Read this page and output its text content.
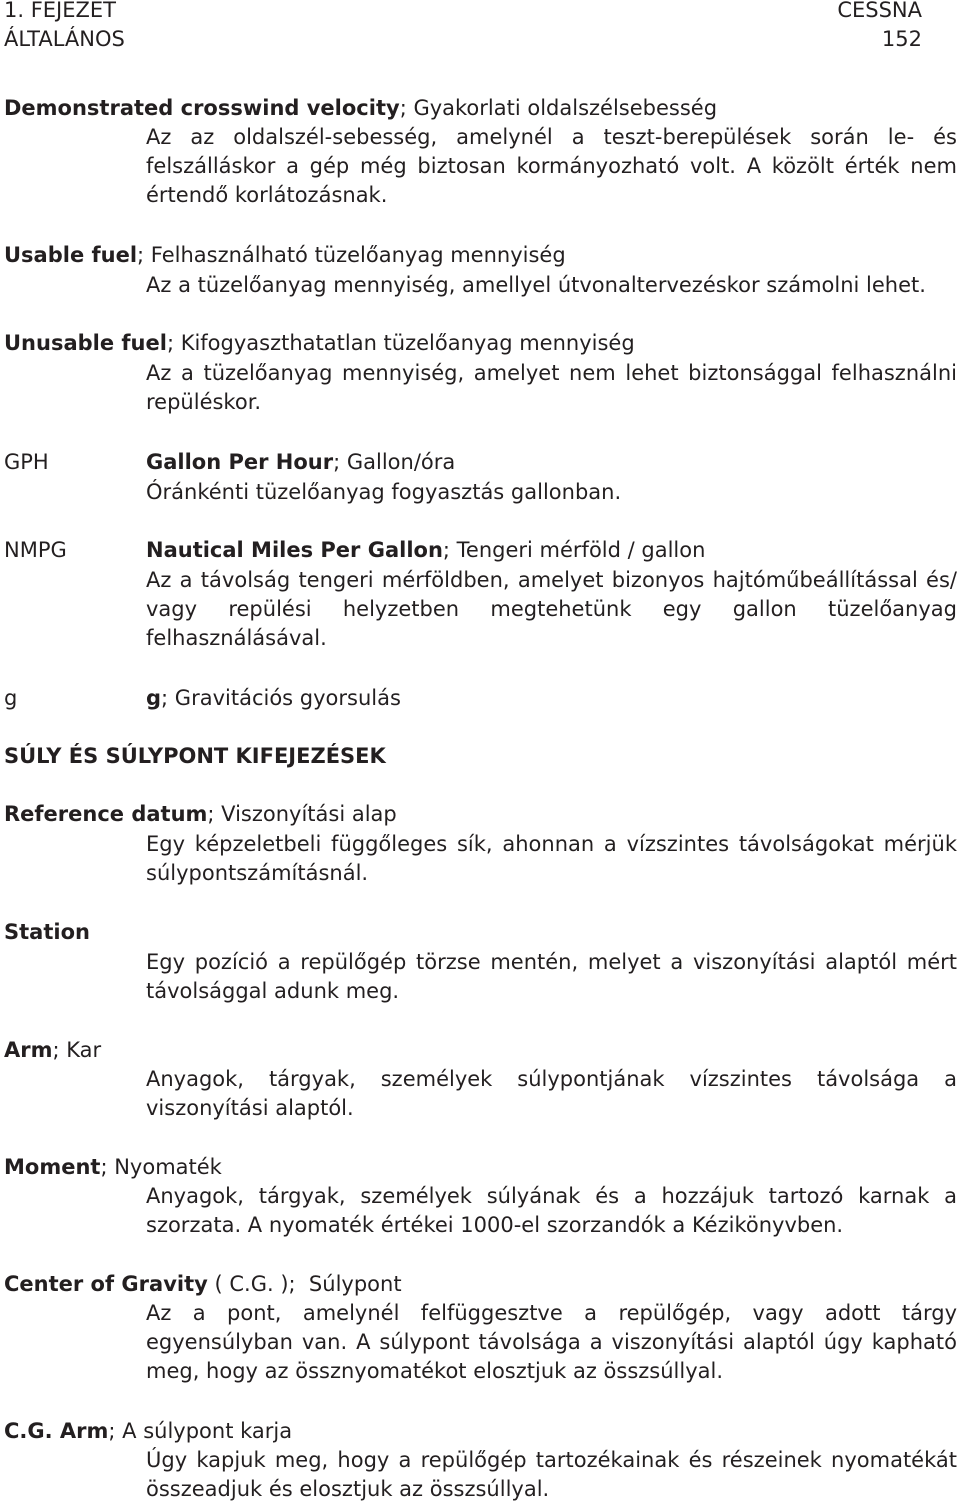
1. FEJEZET	CESSNA
ÁLTALÁNOS	152
Demonstrated crosswind velocity; Gyakorlati oldalszélsebesség
Az az oldalszél-sebesség, amelynél a teszt-berepülések során le- és felszálláskor a gép még biztosan kormányozható volt. A közölt érték nem értendő korlátozásnak.
Usable fuel; Felhasználható tüzelőanyag mennyiség
Az a tüzelőanyag mennyiség, amellyel útvonaltervezéskor számolni lehet.
Unusable fuel; Kifogyaszthatatlan tüzelőanyag mennyiség
Az a tüzelőanyag mennyiség, amelyet nem lehet biztonsággal felhasználni repüléskor.
GPH	Gallon Per Hour; Gallon/óra
Óránkénti tüzelőanyag fogyasztás gallonban.
NMPG	Nautical Miles Per Gallon; Tengeri mérföld / gallon
Az a távolság tengeri mérföldben, amelyet bizonyos hajtóműbeállítással és/ vagy repülési helyzetben megtehetünk egy gallon tüzelőanyag felhasználásával.
g	g; Gravitációs gyorsulás
SÚLY ÉS SÚLYPONT KIFEJEZÉSEK
Reference datum; Viszonyítási alap
Egy képzeletbeli függőleges sík, ahonnan a vízszintes távolságokat mérjük súlypontszámításnál.
Station
Egy pozíció a repülőgép törzse mentén, melyet a viszonyítási alaptól mért távolsággal adunk meg.
Arm; Kar
Anyagok, tárgyak, személyek súlypontjának vízszintes távolsága a viszonyítási alaptól.
Moment; Nyomaték
Anyagok, tárgyak, személyek súlyának és a hozzájuk tartozó karnak a szorzata. A nyomaték értékei 1000-el szorzandók a Kézikönyvben.
Center of Gravity ( C.G. );  Súlypont
Az a pont, amelynél felfüggesztve a repülőgép, vagy adott tárgy egyensúlyban van. A súlypont távolsága a viszonyítási alaptól úgy kapható meg, hogy az össznyomatékot elosztjuk az összsúllyal.
C.G. Arm; A súlypont karja
Úgy kapjuk meg, hogy a repülőgép tartozékainak és részeinek nyomatékát összeadjuk és elosztjuk az összsúllyal.
